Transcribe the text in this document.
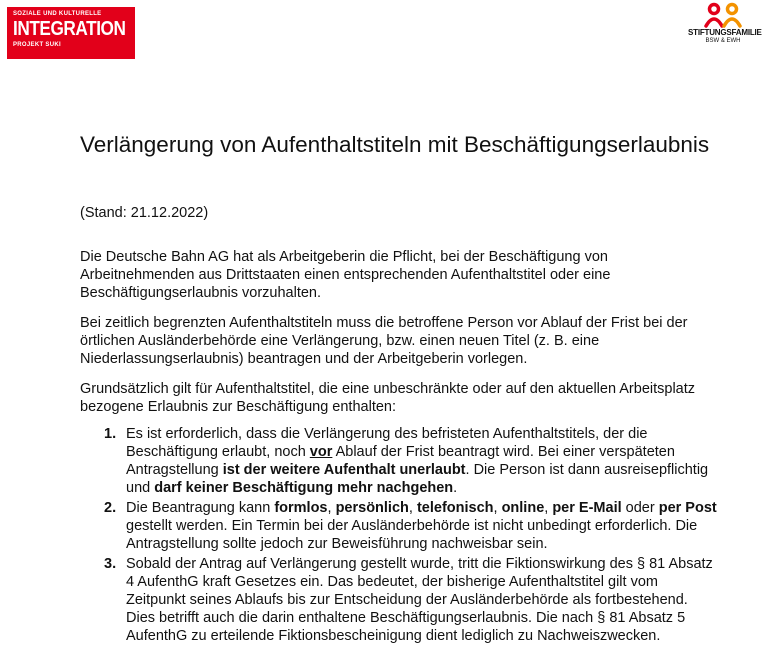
SOZIALE UND KULTURELLE
INTEGRATION
PROJEKT SUKI
STIFTUNGSFAMILIE
BSW & EWH
Verlängerung von Aufenthaltstiteln mit Beschäftigungserlaubnis

(Stand: 21.12.2022)

Die Deutsche Bahn AG hat als Arbeitgeberin die Pflicht, bei der Beschäftigung von Arbeitnehmenden aus Drittstaaten einen entsprechenden Aufenthaltstitel oder eine Beschäftigungserlaubnis vorzuhalten.

Bei zeitlich begrenzten Aufenthaltstiteln muss die betroffene Person vor Ablauf der Frist bei der örtlichen Ausländerbehörde eine Verlängerung, bzw. einen neuen Titel (z. B. eine Niederlassungserlaubnis) beantragen und der Arbeitgeberin vorlegen.

Grundsätzlich gilt für Aufenthaltstitel, die eine unbeschränkte oder auf den aktuellen Arbeitsplatz bezogene Erlaubnis zur Beschäftigung enthalten:

1. Es ist erforderlich, dass die Verlängerung des befristeten Aufenthaltstitels, der die Beschäftigung erlaubt, noch vor Ablauf der Frist beantragt wird. Bei einer verspäteten Antragstellung ist der weitere Aufenthalt unerlaubt. Die Person ist dann ausreisepflichtig und darf keiner Beschäftigung mehr nachgehen.
2. Die Beantragung kann formlos, persönlich, telefonisch, online, per E-Mail oder per Post gestellt werden. Ein Termin bei der Ausländerbehörde ist nicht unbedingt erforderlich. Die Antragstellung sollte jedoch zur Beweisführung nachweisbar sein.
3. Sobald der Antrag auf Verlängerung gestellt wurde, tritt die Fiktionswirkung des § 81 Absatz 4 AufenthG kraft Gesetzes ein. Das bedeutet, der bisherige Aufenthaltstitel gilt vom Zeitpunkt seines Ablaufs bis zur Entscheidung der Ausländerbehörde als fortbestehend. Dies betrifft auch die darin enthaltene Beschäftigungserlaubnis. Die nach § 81 Absatz 5 AufenthG zu erteilende Fiktionsbescheinigung dient lediglich zu Nachweiszwecken.
